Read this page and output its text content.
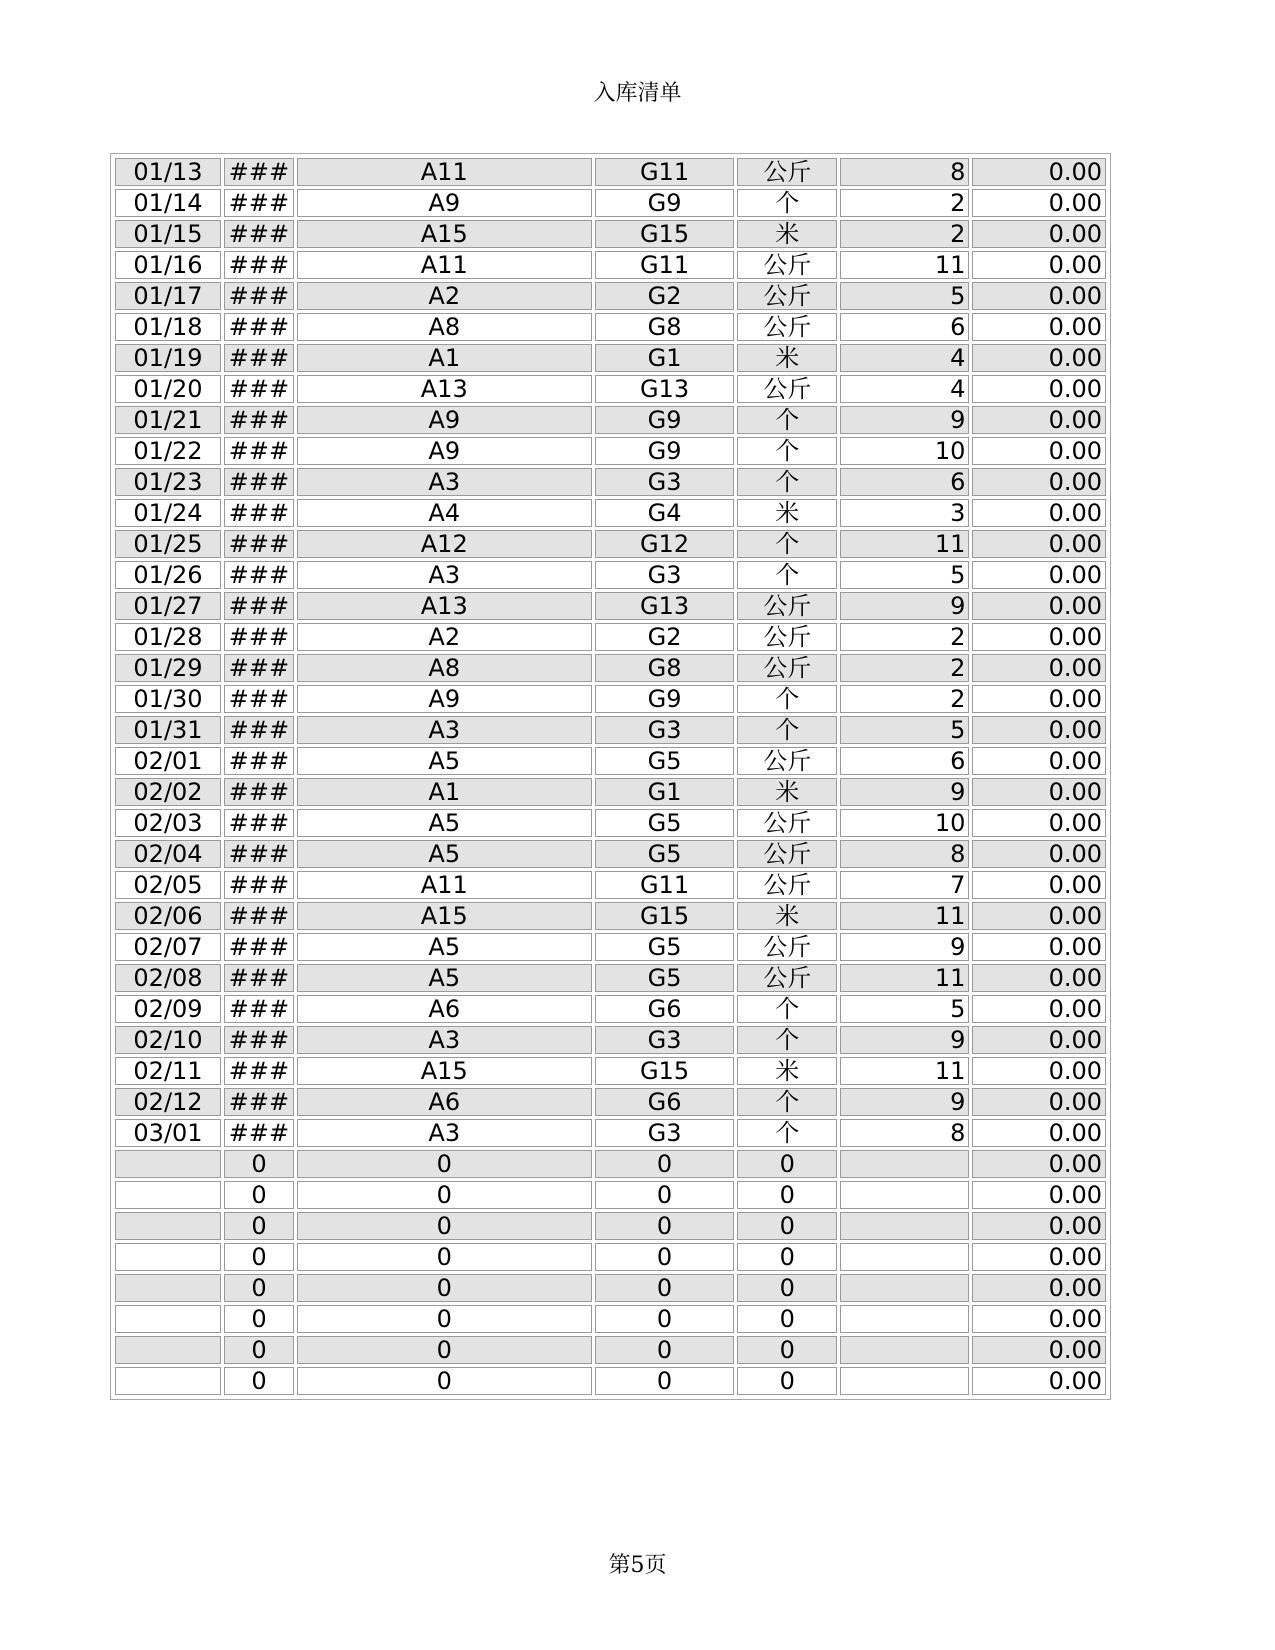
入库清单
01/13	###	A11	G11	公斤	8	0.00
01/14	###	A9	G9	个	2	0.00
01/15	###	A15	G15	米	2	0.00
01/16	###	A11	G11	公斤	11	0.00
01/17	###	A2	G2	公斤	5	0.00
01/18	###	A8	G8	公斤	6	0.00
01/19	###	A1	G1	米	4	0.00
01/20	###	A13	G13	公斤	4	0.00
01/21	###	A9	G9	个	9	0.00
01/22	###	A9	G9	个	10	0.00
01/23	###	A3	G3	个	6	0.00
01/24	###	A4	G4	米	3	0.00
01/25	###	A12	G12	个	11	0.00
01/26	###	A3	G3	个	5	0.00
01/27	###	A13	G13	公斤	9	0.00
01/28	###	A2	G2	公斤	2	0.00
01/29	###	A8	G8	公斤	2	0.00
01/30	###	A9	G9	个	2	0.00
01/31	###	A3	G3	个	5	0.00
02/01	###	A5	G5	公斤	6	0.00
02/02	###	A1	G1	米	9	0.00
02/03	###	A5	G5	公斤	10	0.00
02/04	###	A5	G5	公斤	8	0.00
02/05	###	A11	G11	公斤	7	0.00
02/06	###	A15	G15	米	11	0.00
02/07	###	A5	G5	公斤	9	0.00
02/08	###	A5	G5	公斤	11	0.00
02/09	###	A6	G6	个	5	0.00
02/10	###	A3	G3	个	9	0.00
02/11	###	A15	G15	米	11	0.00
02/12	###	A6	G6	个	9	0.00
03/01	###	A3	G3	个	8	0.00
	0	0	0	0		0.00
	0	0	0	0		0.00
	0	0	0	0		0.00
	0	0	0	0		0.00
	0	0	0	0		0.00
	0	0	0	0		0.00
	0	0	0	0		0.00
	0	0	0	0		0.00
第5页
